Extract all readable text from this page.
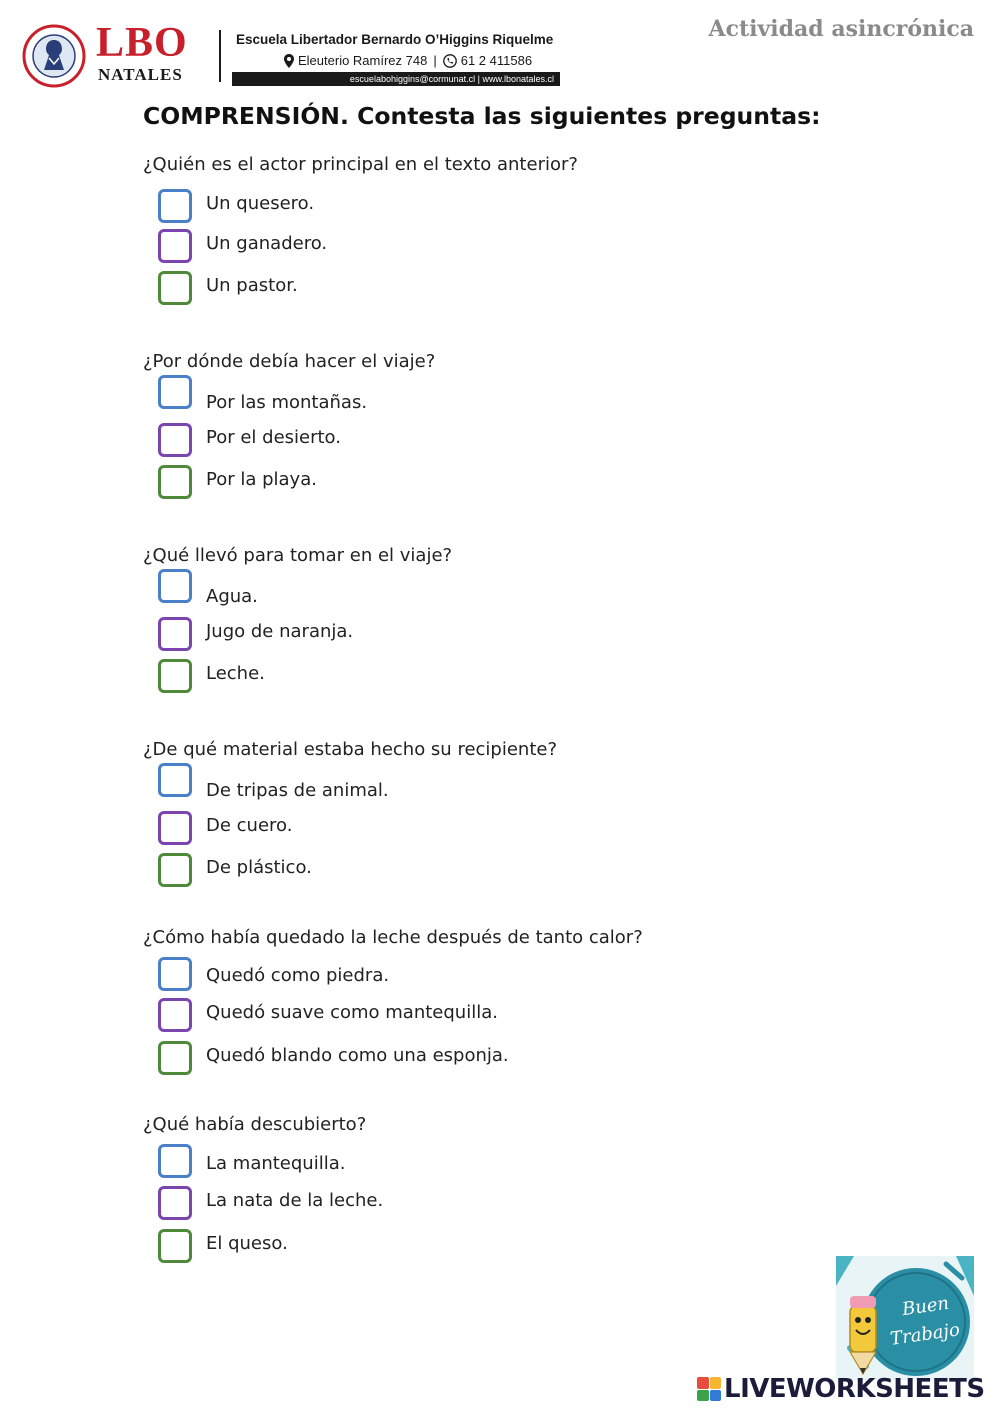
LBO
NATALES
Escuela Libertador Bernardo O’Higgins Riquelme
Eleuterio Ramírez 748 | 61 2 411586
escuelabohiggins@cormunat.cl | www.lbonatales.cl
Actividad asincrónica
COMPRENSIÓN. Contesta las siguientes preguntas:
¿Quién es el actor principal en el texto anterior?
Un quesero.
Un ganadero.
Un pastor.
¿Por dónde debía hacer el viaje?
Por las montañas.
Por el desierto.
Por la playa.
¿Qué llevó para tomar en el viaje?
Agua.
Jugo de naranja.
Leche.
¿De qué material estaba hecho su recipiente?
De tripas de animal.
De cuero.
De plástico.
¿Cómo había quedado la leche después de tanto calor?
Quedó como piedra.
Quedó suave como mantequilla.
Quedó blando como una esponja.
¿Qué había descubierto?
La mantequilla.
La nata de la leche.
El queso.
Buen
Trabajo
LIVEWORKSHEETS
